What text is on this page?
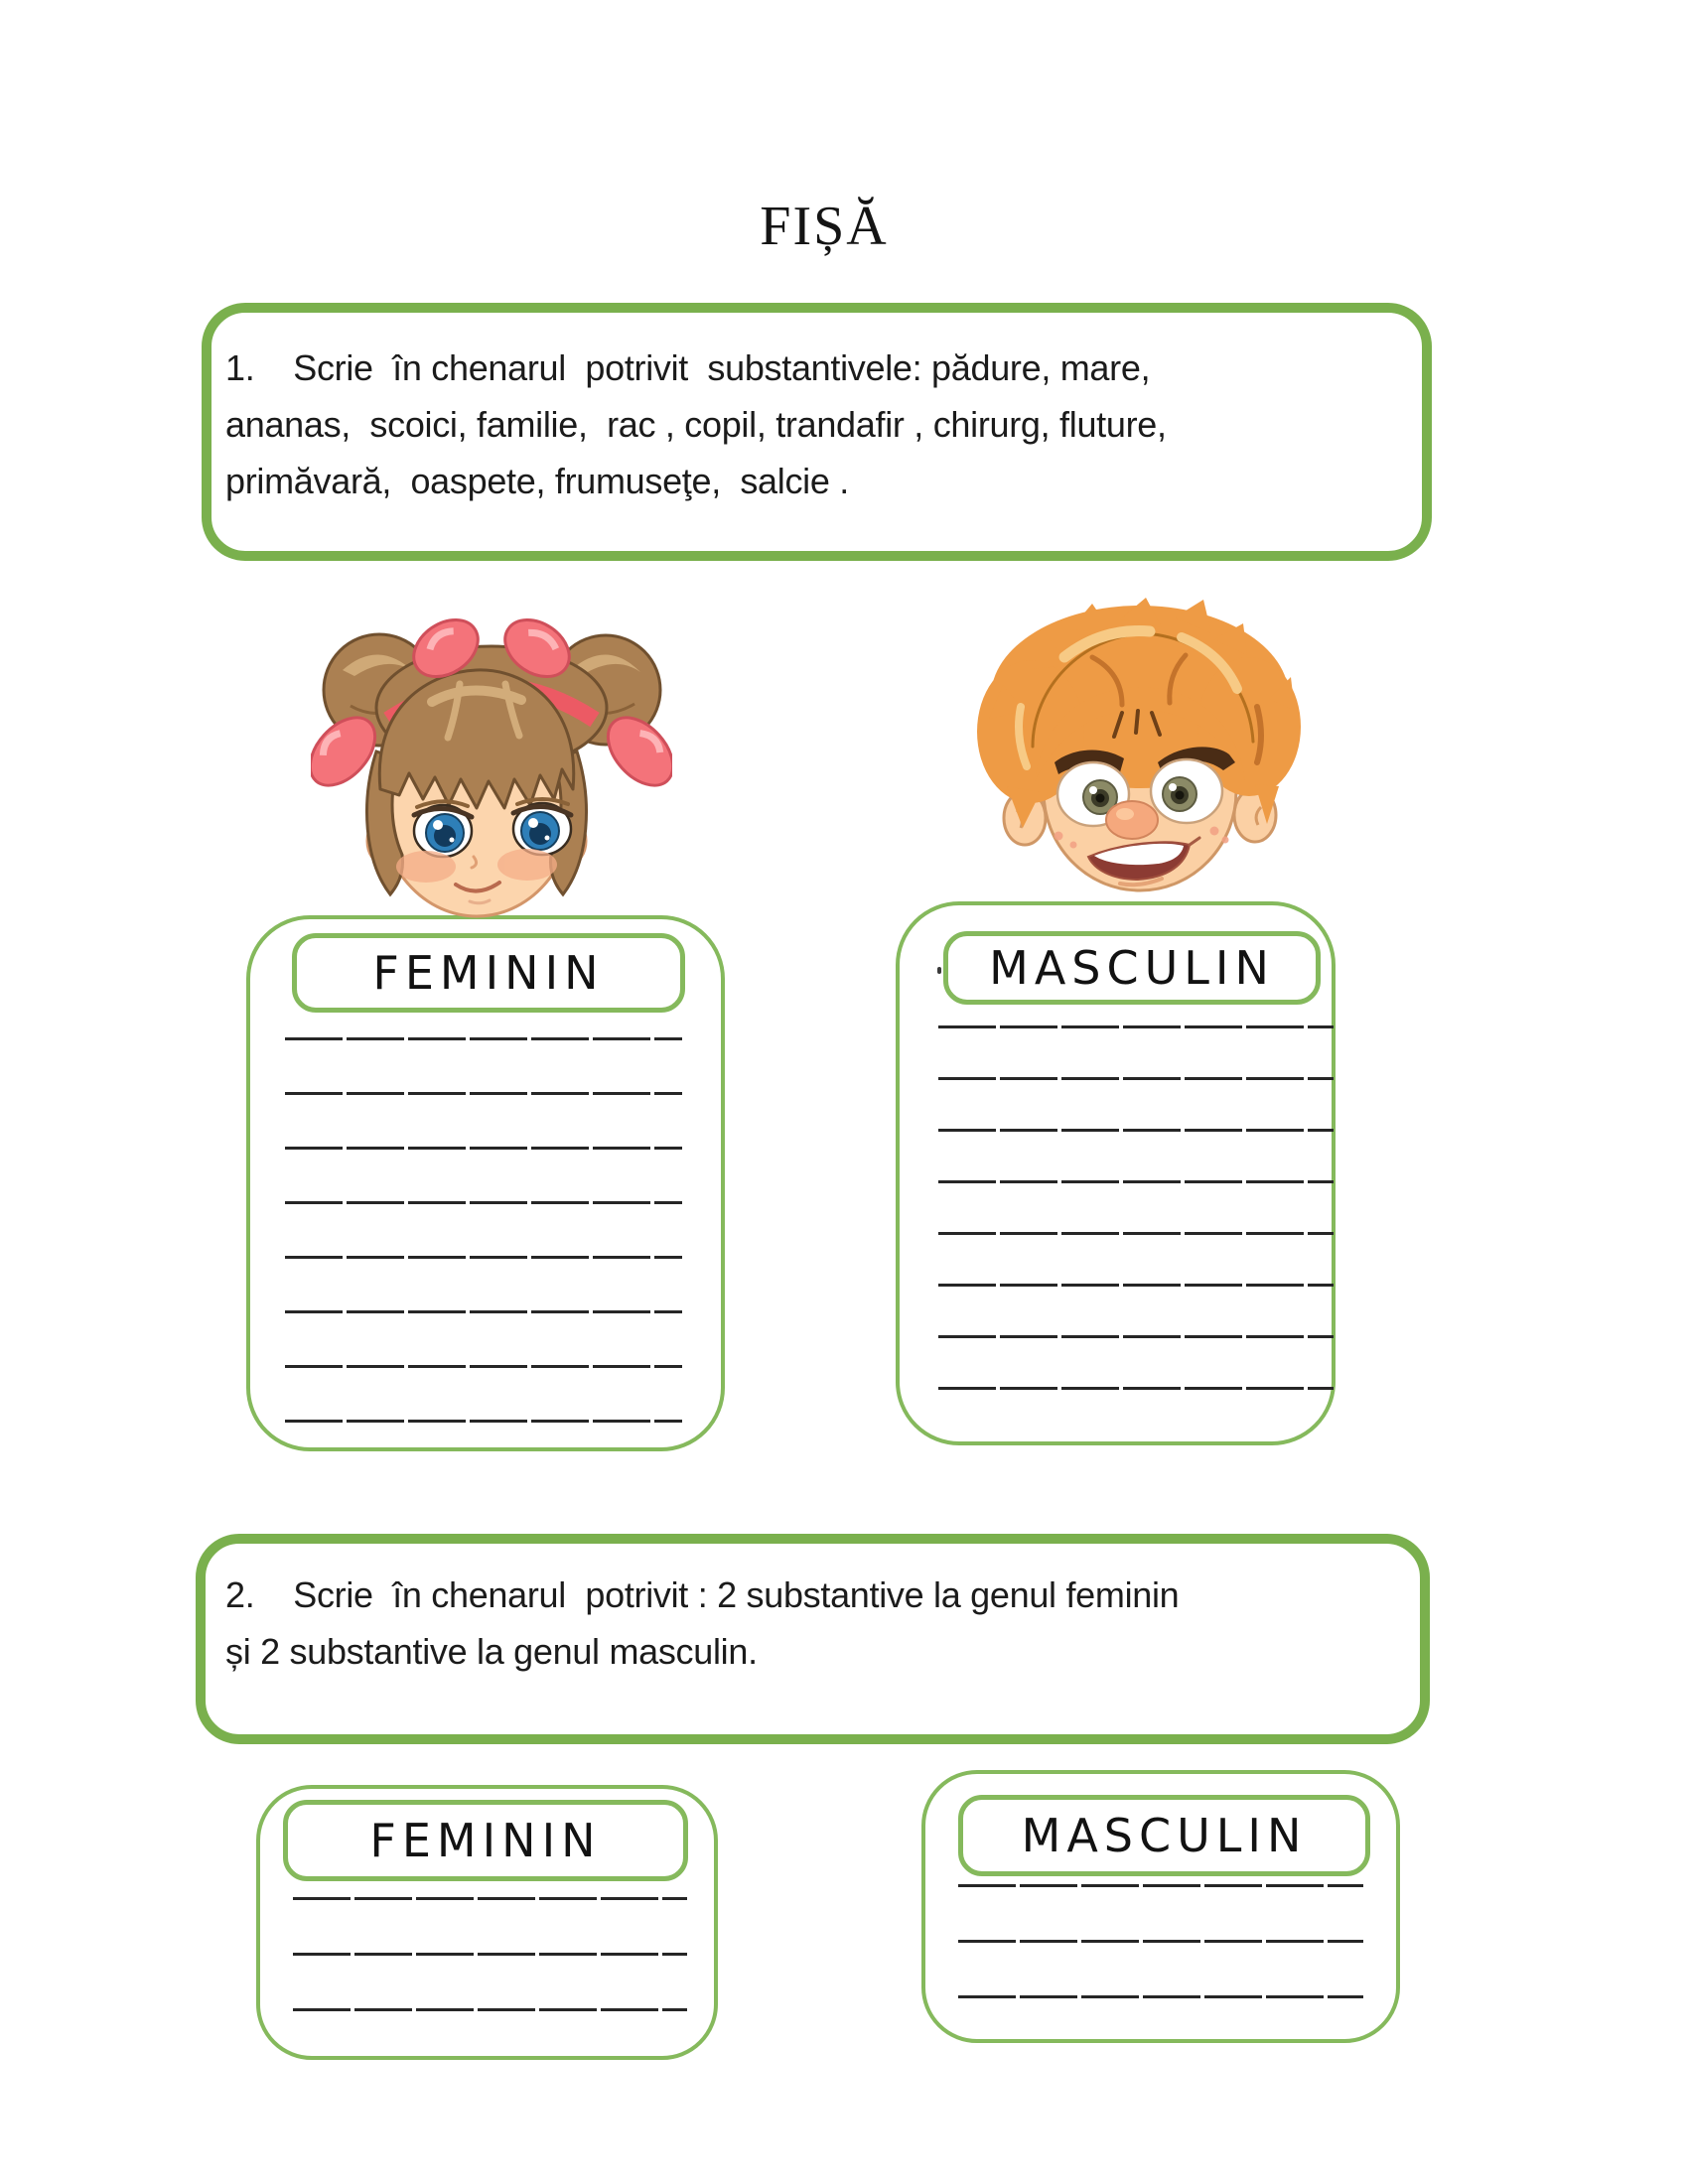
FIȘĂ
1.    Scrie  în chenarul  potrivit  substantivele: pădure, mare,
ananas,  scoici, familie,  rac , copil, trandafir , chirurg, fluture,
primăvară,  oaspete, frumuseţe,  salcie .
FEMININ	MASCULIN
2.    Scrie  în chenarul  potrivit : 2 substantive la genul feminin
și 2 substantive la genul masculin.
FEMININ	MASCULIN
